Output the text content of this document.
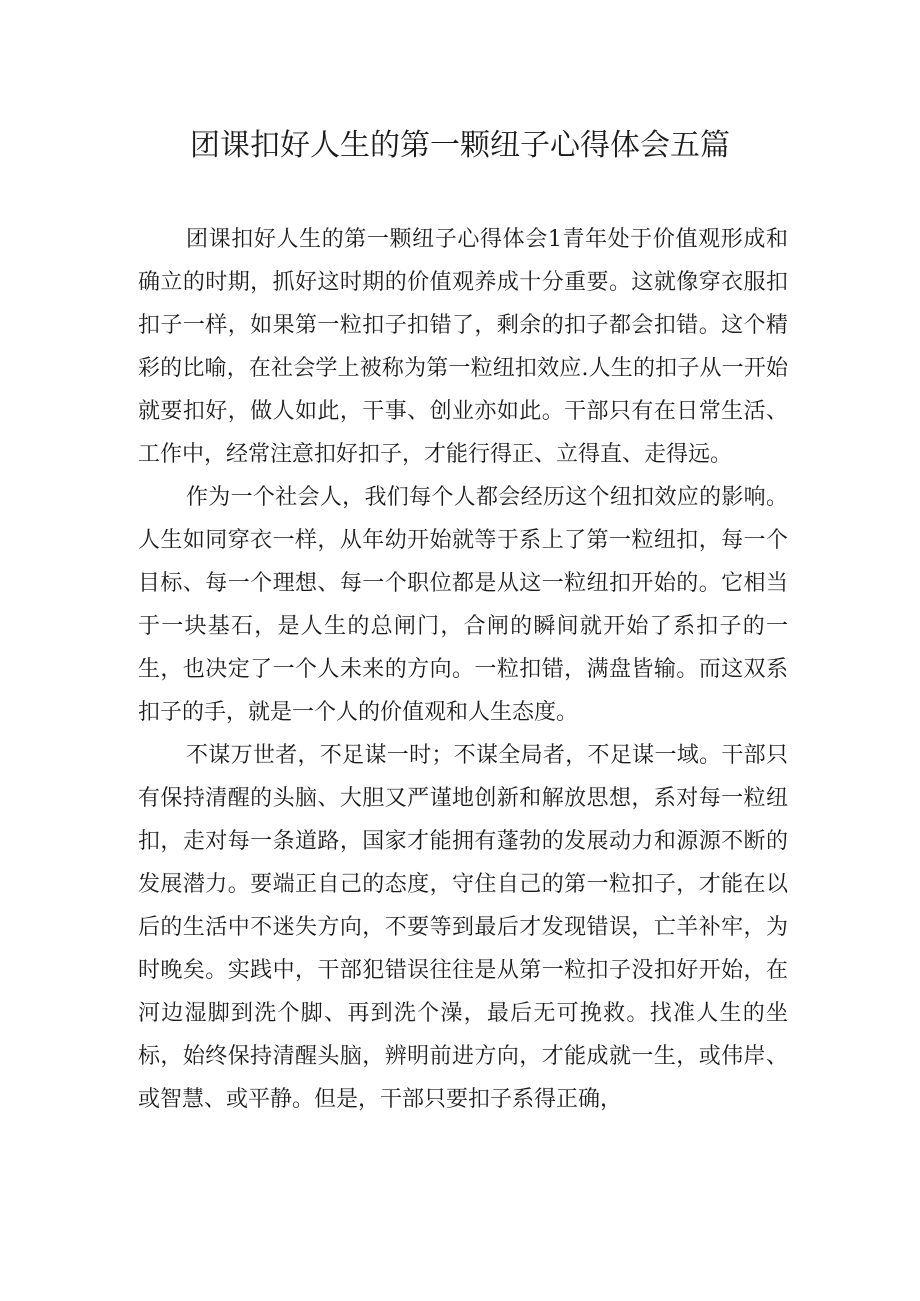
团课扣好人生的第一颗纽子心得体会五篇

团课扣好人生的第一颗纽子心得体会1青年处于价值观形成和确立的时期，抓好这时期的价值观养成十分重要。这就像穿衣服扣扣子一样，如果第一粒扣子扣错了，剩余的扣子都会扣错。这个精彩的比喻，在社会学上被称为第一粒纽扣效应.人生的扣子从一开始就要扣好，做人如此，干事、创业亦如此。干部只有在日常生活、工作中，经常注意扣好扣子，才能行得正、立得直、走得远。

作为一个社会人，我们每个人都会经历这个纽扣效应的影响。人生如同穿衣一样，从年幼开始就等于系上了第一粒纽扣，每一个目标、每一个理想、每一个职位都是从这一粒纽扣开始的。它相当于一块基石，是人生的总闸门，合闸的瞬间就开始了系扣子的一生，也决定了一个人未来的方向。一粒扣错，满盘皆输。而这双系扣子的手，就是一个人的价值观和人生态度。

不谋万世者，不足谋一时；不谋全局者，不足谋一域。干部只有保持清醒的头脑、大胆又严谨地创新和解放思想，系对每一粒纽扣，走对每一条道路，国家才能拥有蓬勃的发展动力和源源不断的发展潜力。要端正自己的态度，守住自己的第一粒扣子，才能在以后的生活中不迷失方向，不要等到最后才发现错误，亡羊补牢，为时晚矣。实践中，干部犯错误往往是从第一粒扣子没扣好开始，在河边湿脚到洗个脚、再到洗个澡，最后无可挽救。找准人生的坐标，始终保持清醒头脑，辨明前进方向，才能成就一生，或伟岸、或智慧、或平静。但是，干部只要扣子系得正确，
